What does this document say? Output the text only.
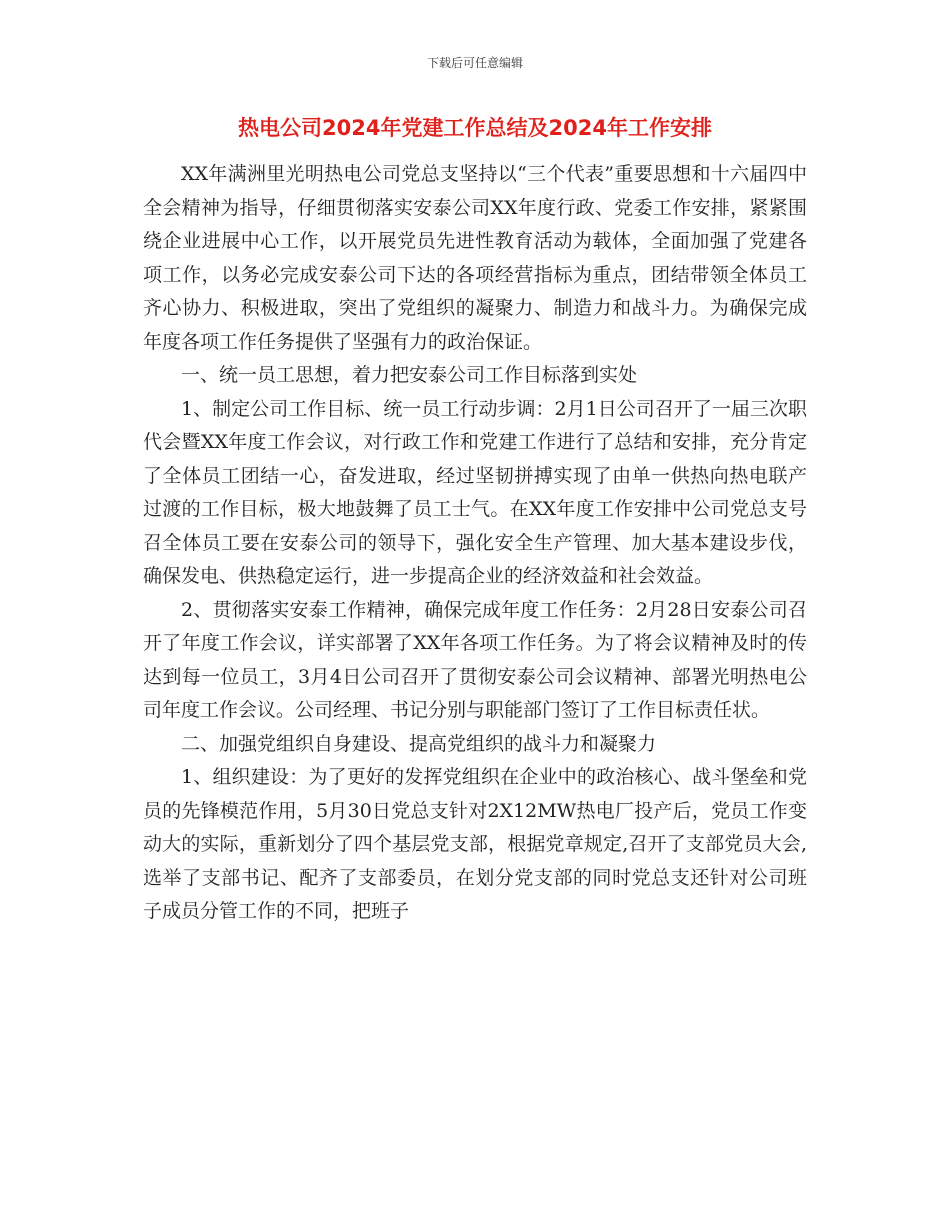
下载后可任意编辑
热电公司2024年党建工作总结及2024年工作安排

XX年满洲里光明热电公司党总支坚持以“三个代表”重要思想和十六届四中全会精神为指导，仔细贯彻落实安泰公司XX年度行政、党委工作安排，紧紧围绕企业进展中心工作，以开展党员先进性教育活动为载体，全面加强了党建各项工作，以务必完成安泰公司下达的各项经营指标为重点，团结带领全体员工齐心协力、积极进取，突出了党组织的凝聚力、制造力和战斗力。为确保完成年度各项工作任务提供了坚强有力的政治保证。

一、统一员工思想，着力把安泰公司工作目标落到实处

1、制定公司工作目标、统一员工行动步调：2月1日公司召开了一届三次职代会暨XX年度工作会议，对行政工作和党建工作进行了总结和安排，充分肯定了全体员工团结一心，奋发进取，经过坚韧拼搏实现了由单一供热向热电联产过渡的工作目标，极大地鼓舞了员工士气。在XX年度工作安排中公司党总支号召全体员工要在安泰公司的领导下，强化安全生产管理、加大基本建设步伐，确保发电、供热稳定运行，进一步提高企业的经济效益和社会效益。

2、贯彻落实安泰工作精神，确保完成年度工作任务：2月28日安泰公司召开了年度工作会议，详实部署了XX年各项工作任务。为了将会议精神及时的传达到每一位员工，3月4日公司召开了贯彻安泰公司会议精神、部署光明热电公司年度工作会议。公司经理、书记分别与职能部门签订了工作目标责任状。

二、加强党组织自身建设、提高党组织的战斗力和凝聚力

1、组织建设：为了更好的发挥党组织在企业中的政治核心、战斗堡垒和党员的先锋模范作用，5月30日党总支针对2X12MW热电厂投产后，党员工作变动大的实际，重新划分了四个基层党支部，根据党章规定,召开了支部党员大会,选举了支部书记、配齐了支部委员，在划分党支部的同时党总支还针对公司班子成员分管工作的不同，把班子
